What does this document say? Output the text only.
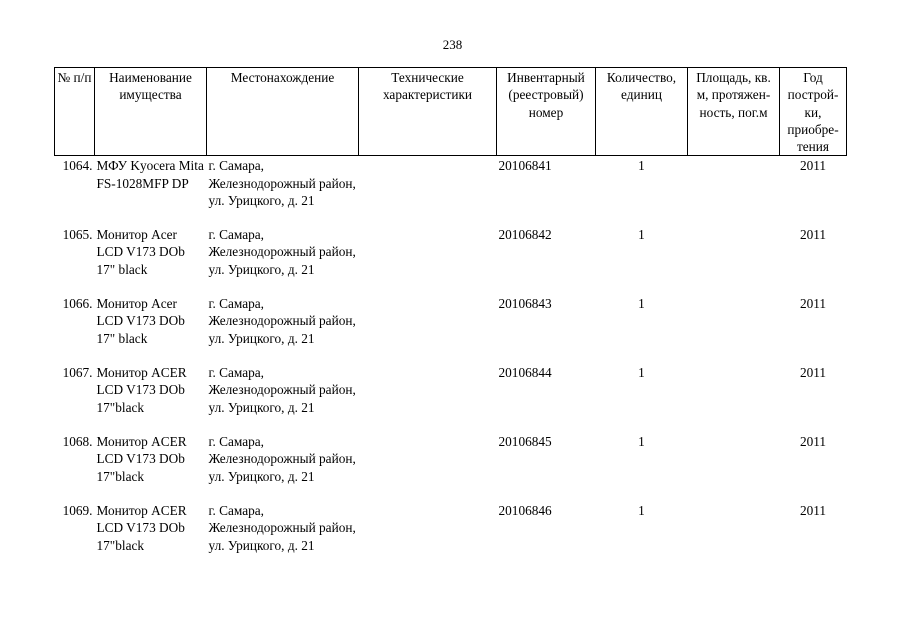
238
№ п/п	Наименование имущества	Местонахождение	Технические характеристики	Инвентарный (реестровый) номер	Количество, единиц	Площадь, кв. м, протяжен-ность, пог.м	Год построй-ки, приобре-тения
1064.	МФУ Kyocera Mita FS-1028MFP DP	г. Самара, Железнодорожный район, ул. Урицкого, д. 21		20106841	1		2011
1065.	Монитор Acer LCD V173 DOb 17" black	г. Самара, Железнодорожный район, ул. Урицкого, д. 21		20106842	1		2011
1066.	Монитор Acer LCD V173 DOb 17" black	г. Самара, Железнодорожный район, ул. Урицкого, д. 21		20106843	1		2011
1067.	Монитор ACER LCD V173 DOb 17"black	г. Самара, Железнодорожный район, ул. Урицкого, д. 21		20106844	1		2011
1068.	Монитор ACER LCD V173 DOb 17"black	г. Самара, Железнодорожный район, ул. Урицкого, д. 21		20106845	1		2011
1069.	Монитор ACER LCD V173 DOb 17"black	г. Самара, Железнодорожный район, ул. Урицкого, д. 21		20106846	1		2011
